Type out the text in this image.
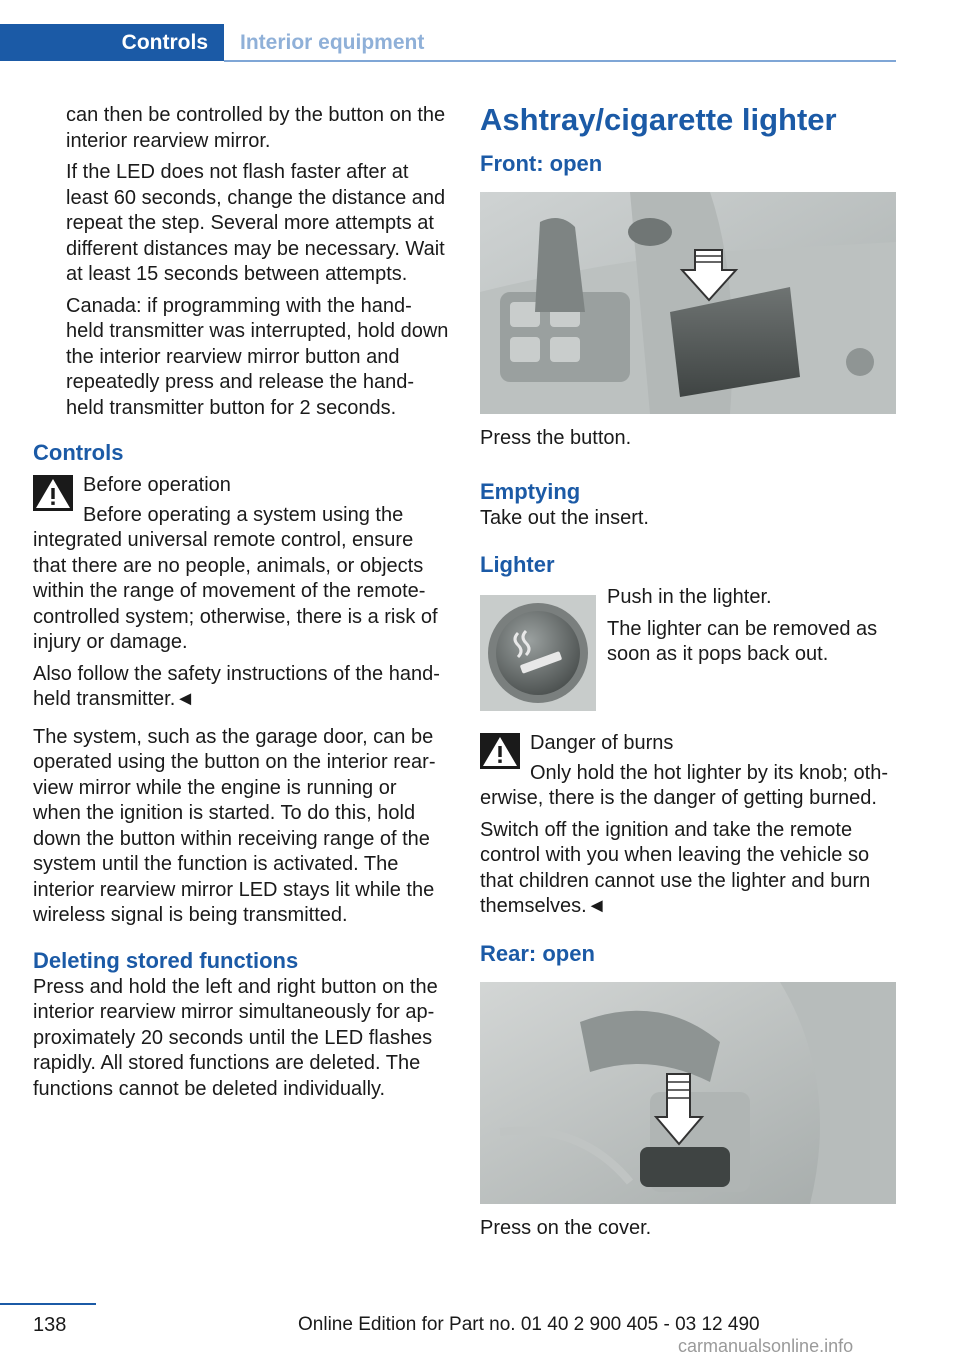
Controls	Interior equipment

can then be controlled by the button on the interior rearview mirror.

If the LED does not flash faster after at least 60 seconds, change the distance and repeat the step. Several more attempts at different distances may be necessary. Wait at least 15 seconds between attempts.

Canada: if programming with the hand-held transmitter was interrupted, hold down the interior rearview mirror button and repeatedly press and release the hand-held transmitter button for 2 seconds.

Controls

Before operation

Before operating a system using the integrated universal remote control, ensure that there are no people, animals, or objects within the range of movement of the remote-controlled system; otherwise, there is a risk of injury or damage.

Also follow the safety instructions of the hand-held transmitter.◄

The system, such as the garage door, can be operated using the button on the interior rearview mirror while the engine is running or when the ignition is started. To do this, hold down the button within receiving range of the system until the function is activated. The interior rearview mirror LED stays lit while the wireless signal is being transmitted.

Deleting stored functions

Press and hold the left and right button on the interior rearview mirror simultaneously for approximately 20 seconds until the LED flashes rapidly. All stored functions are deleted. The functions cannot be deleted individually.

Ashtray/cigarette lighter
Front: open

Press the button.

Emptying

Take out the insert.

Lighter

Push in the lighter.

The lighter can be removed as soon as it pops back out.

Danger of burns

Only hold the hot lighter by its knob; otherwise, there is the danger of getting burned.

Switch off the ignition and take the remote control with you when leaving the vehicle so that children cannot use the lighter and burn themselves.◄

Rear: open

Press on the cover.

138	Online Edition for Part no. 01 40 2 900 405 - 03 12 490
carmanualsonline.info
